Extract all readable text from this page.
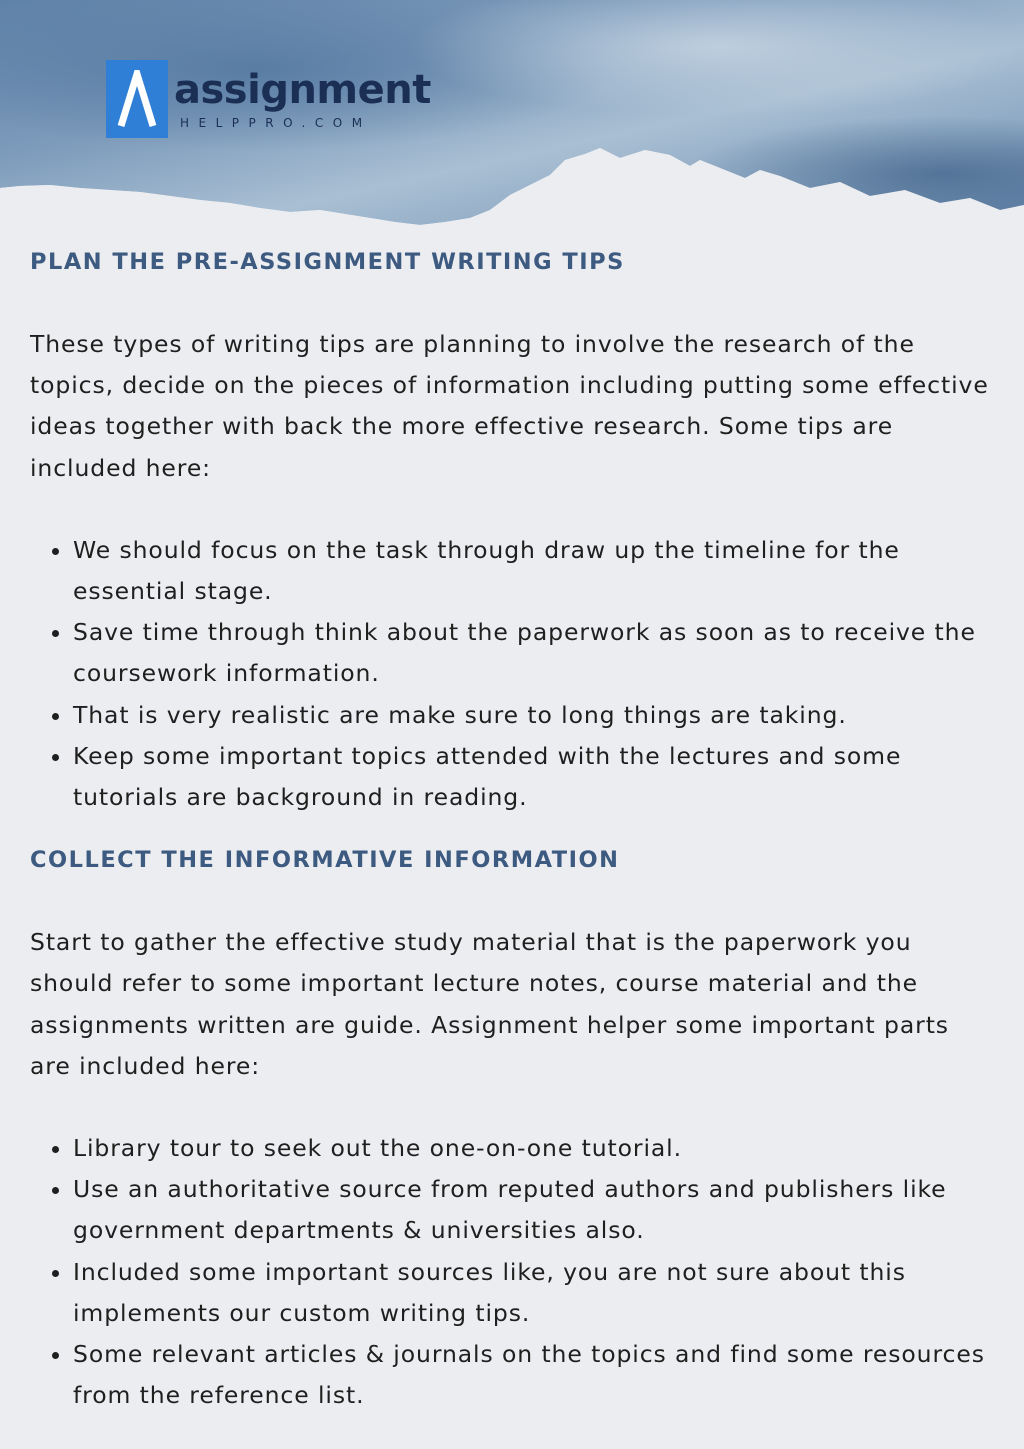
assignment
HELPPRO.COM
PLAN THE PRE-ASSIGNMENT WRITING TIPS

These types of writing tips are planning to involve the research of the topics, decide on the pieces of information including putting some effective ideas together with back the more effective research. Some tips are included here:

• We should focus on the task through draw up the timeline for the essential stage.
• Save time through think about the paperwork as soon as to receive the coursework information.
• That is very realistic are make sure to long things are taking.
• Keep some important topics attended with the lectures and some tutorials are background in reading.
COLLECT THE INFORMATIVE INFORMATION

Start to gather the effective study material that is the paperwork you should refer to some important lecture notes, course material and the assignments written are guide. Assignment helper some important parts are included here:

• Library tour to seek out the one-on-one tutorial.
• Use an authoritative source from reputed authors and publishers like government departments & universities also.
• Included some important sources like, you are not sure about this implements our custom writing tips.
• Some relevant articles & journals on the topics and find some resources from the reference list.
